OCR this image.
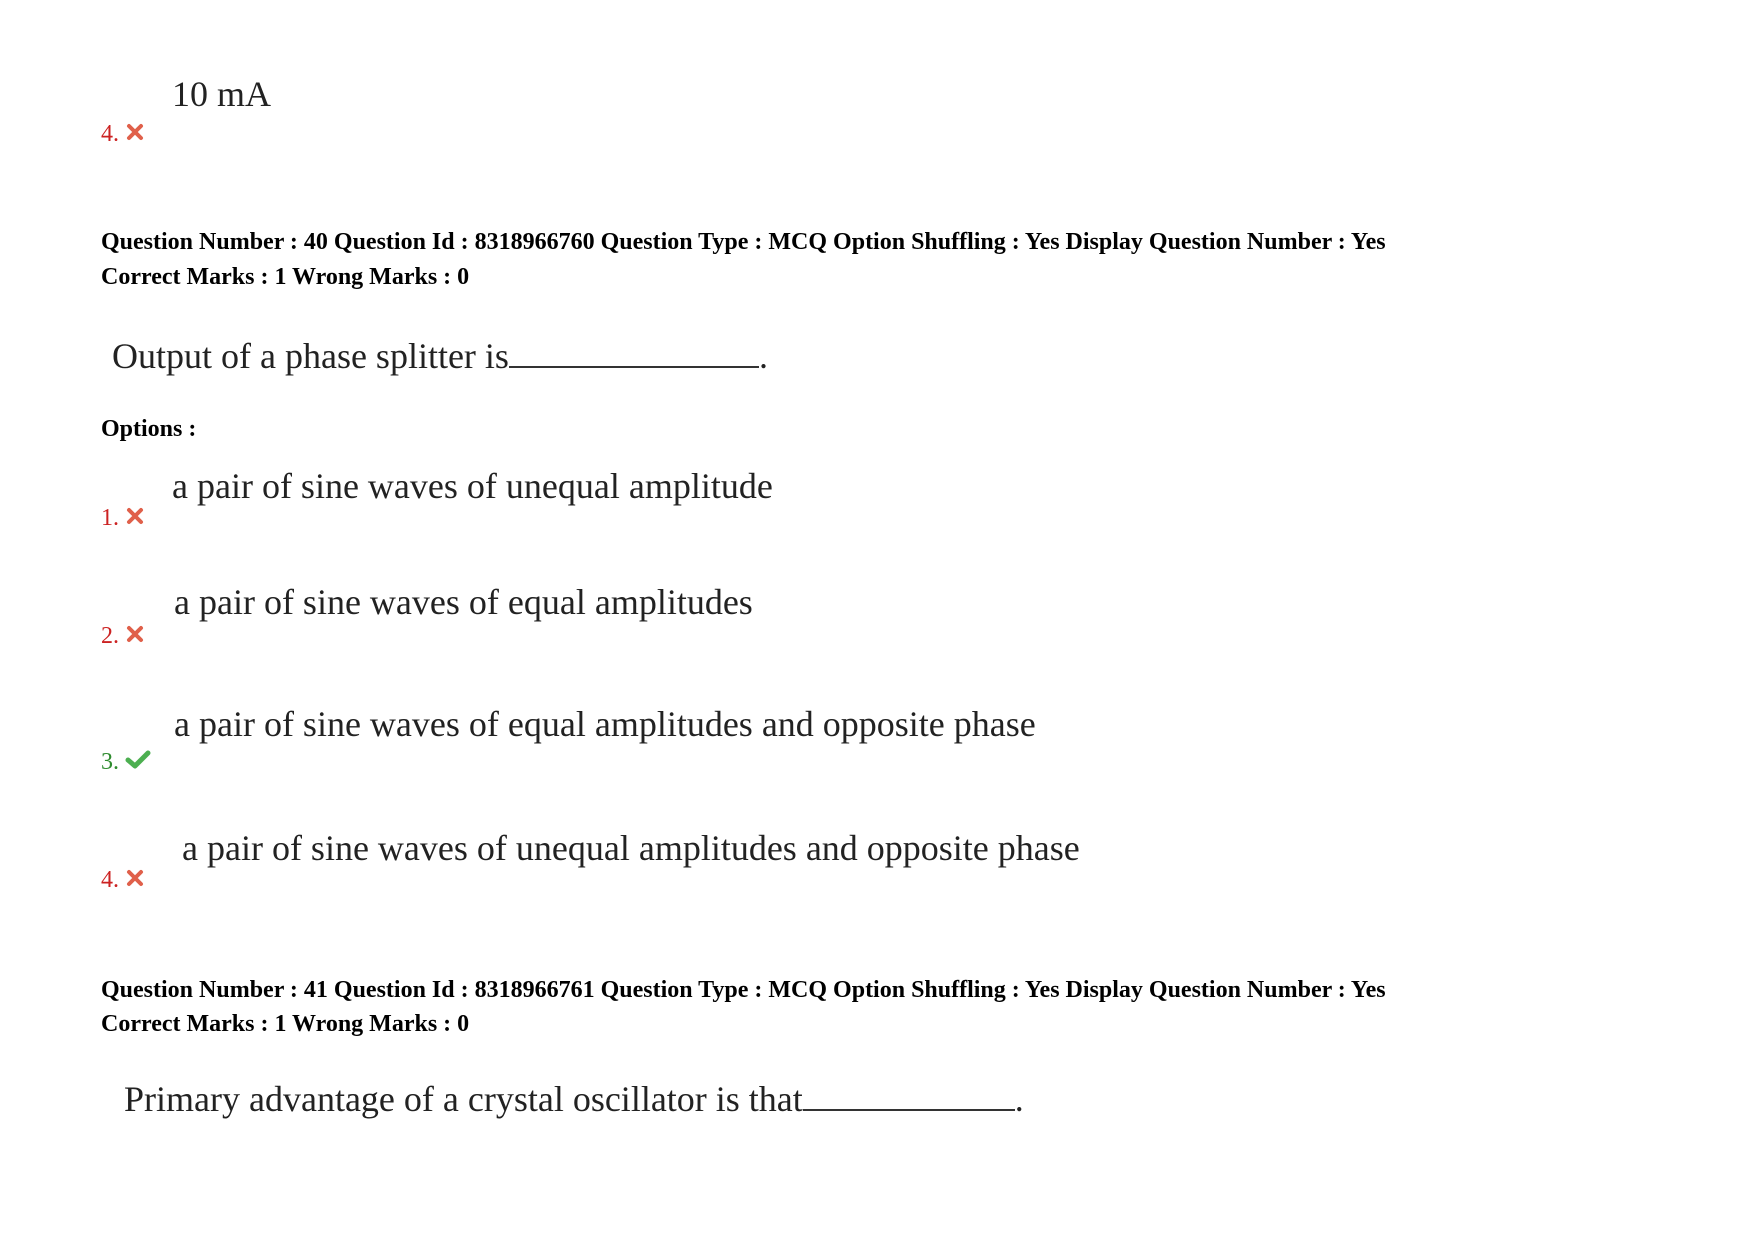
10 mA
4.
Question Number : 40 Question Id : 8318966760 Question Type : MCQ Option Shuffling : Yes Display Question Number : Yes
Correct Marks : 1 Wrong Marks : 0
Output of a phase splitter is	.
Options :
a pair of sine waves of unequal amplitude
1.
a pair of sine waves of equal amplitudes
2.
a pair of sine waves of equal amplitudes and opposite phase
3.
a pair of sine waves of unequal amplitudes and opposite phase
4.
Question Number : 41 Question Id : 8318966761 Question Type : MCQ Option Shuffling : Yes Display Question Number : Yes
Correct Marks : 1 Wrong Marks : 0
Primary advantage of a crystal oscillator is that	.
